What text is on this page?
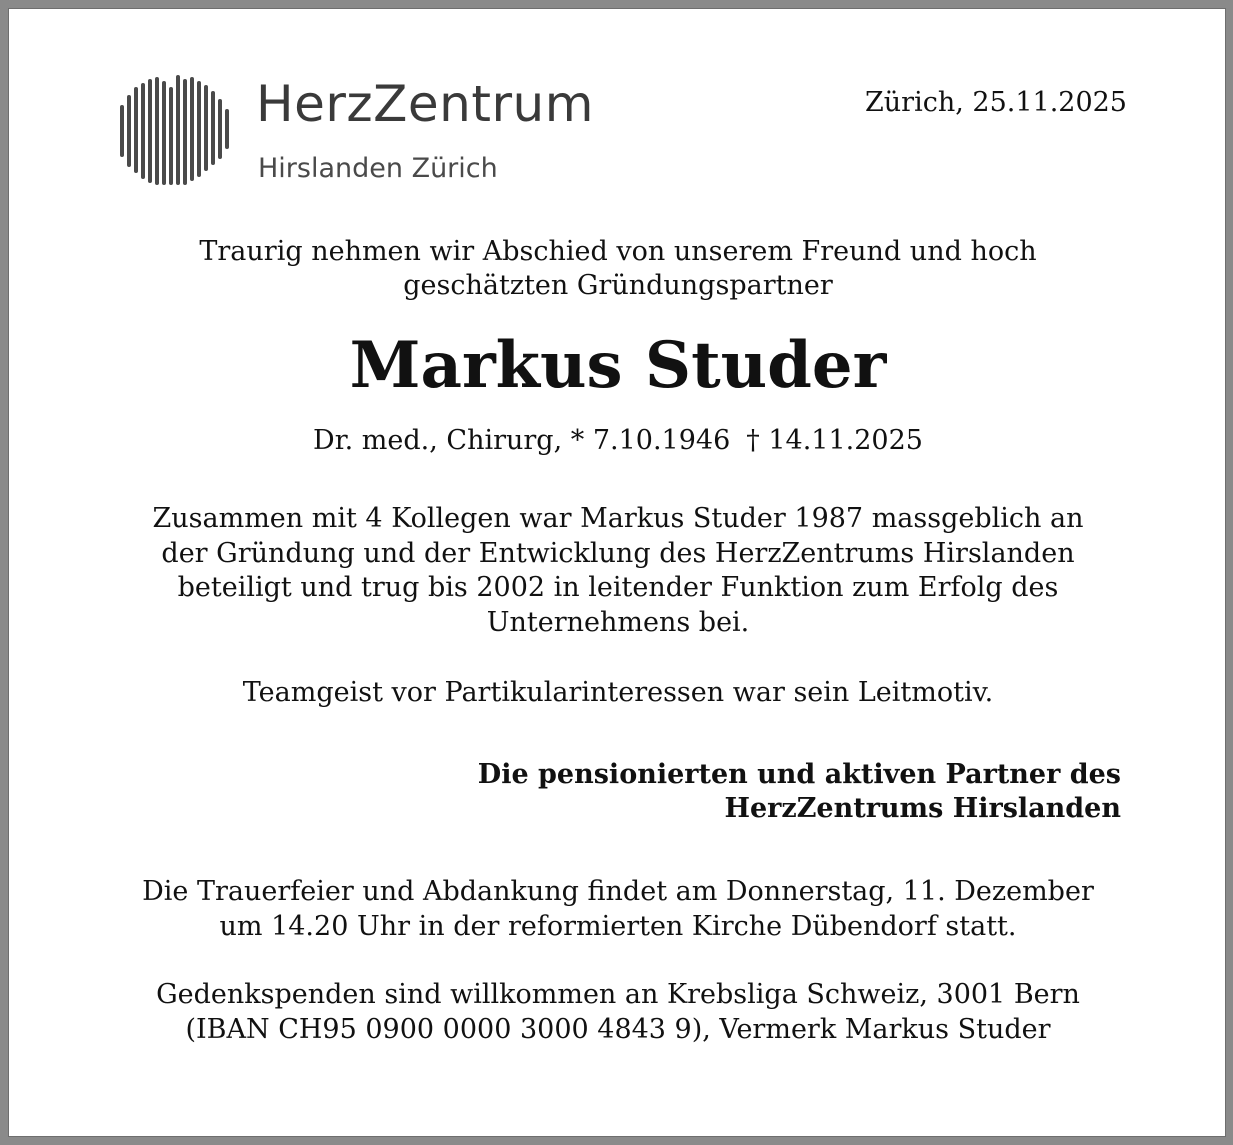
HerzZentrum
Hirslanden Zürich
Zürich, 25.11.2025
Traurig nehmen wir Abschied von unserem Freund und hoch
geschätzten Gründungspartner
Markus Studer
Dr. med., Chirurg, * 7.10.1946 † 14.11.2025
Zusammen mit 4 Kollegen war Markus Studer 1987 massgeblich an
der Gründung und der Entwicklung des HerzZentrums Hirslanden
beteiligt und trug bis 2002 in leitender Funktion zum Erfolg des
Unternehmens bei.
Teamgeist vor Partikularinteressen war sein Leitmotiv.
Die pensionierten und aktiven Partner des
HerzZentrums Hirslanden
Die Trauerfeier und Abdankung findet am Donnerstag, 11. Dezember
um 14.20 Uhr in der reformierten Kirche Dübendorf statt.
Gedenkspenden sind willkommen an Krebsliga Schweiz, 3001 Bern
(IBAN CH95 0900 0000 3000 4843 9), Vermerk Markus Studer
